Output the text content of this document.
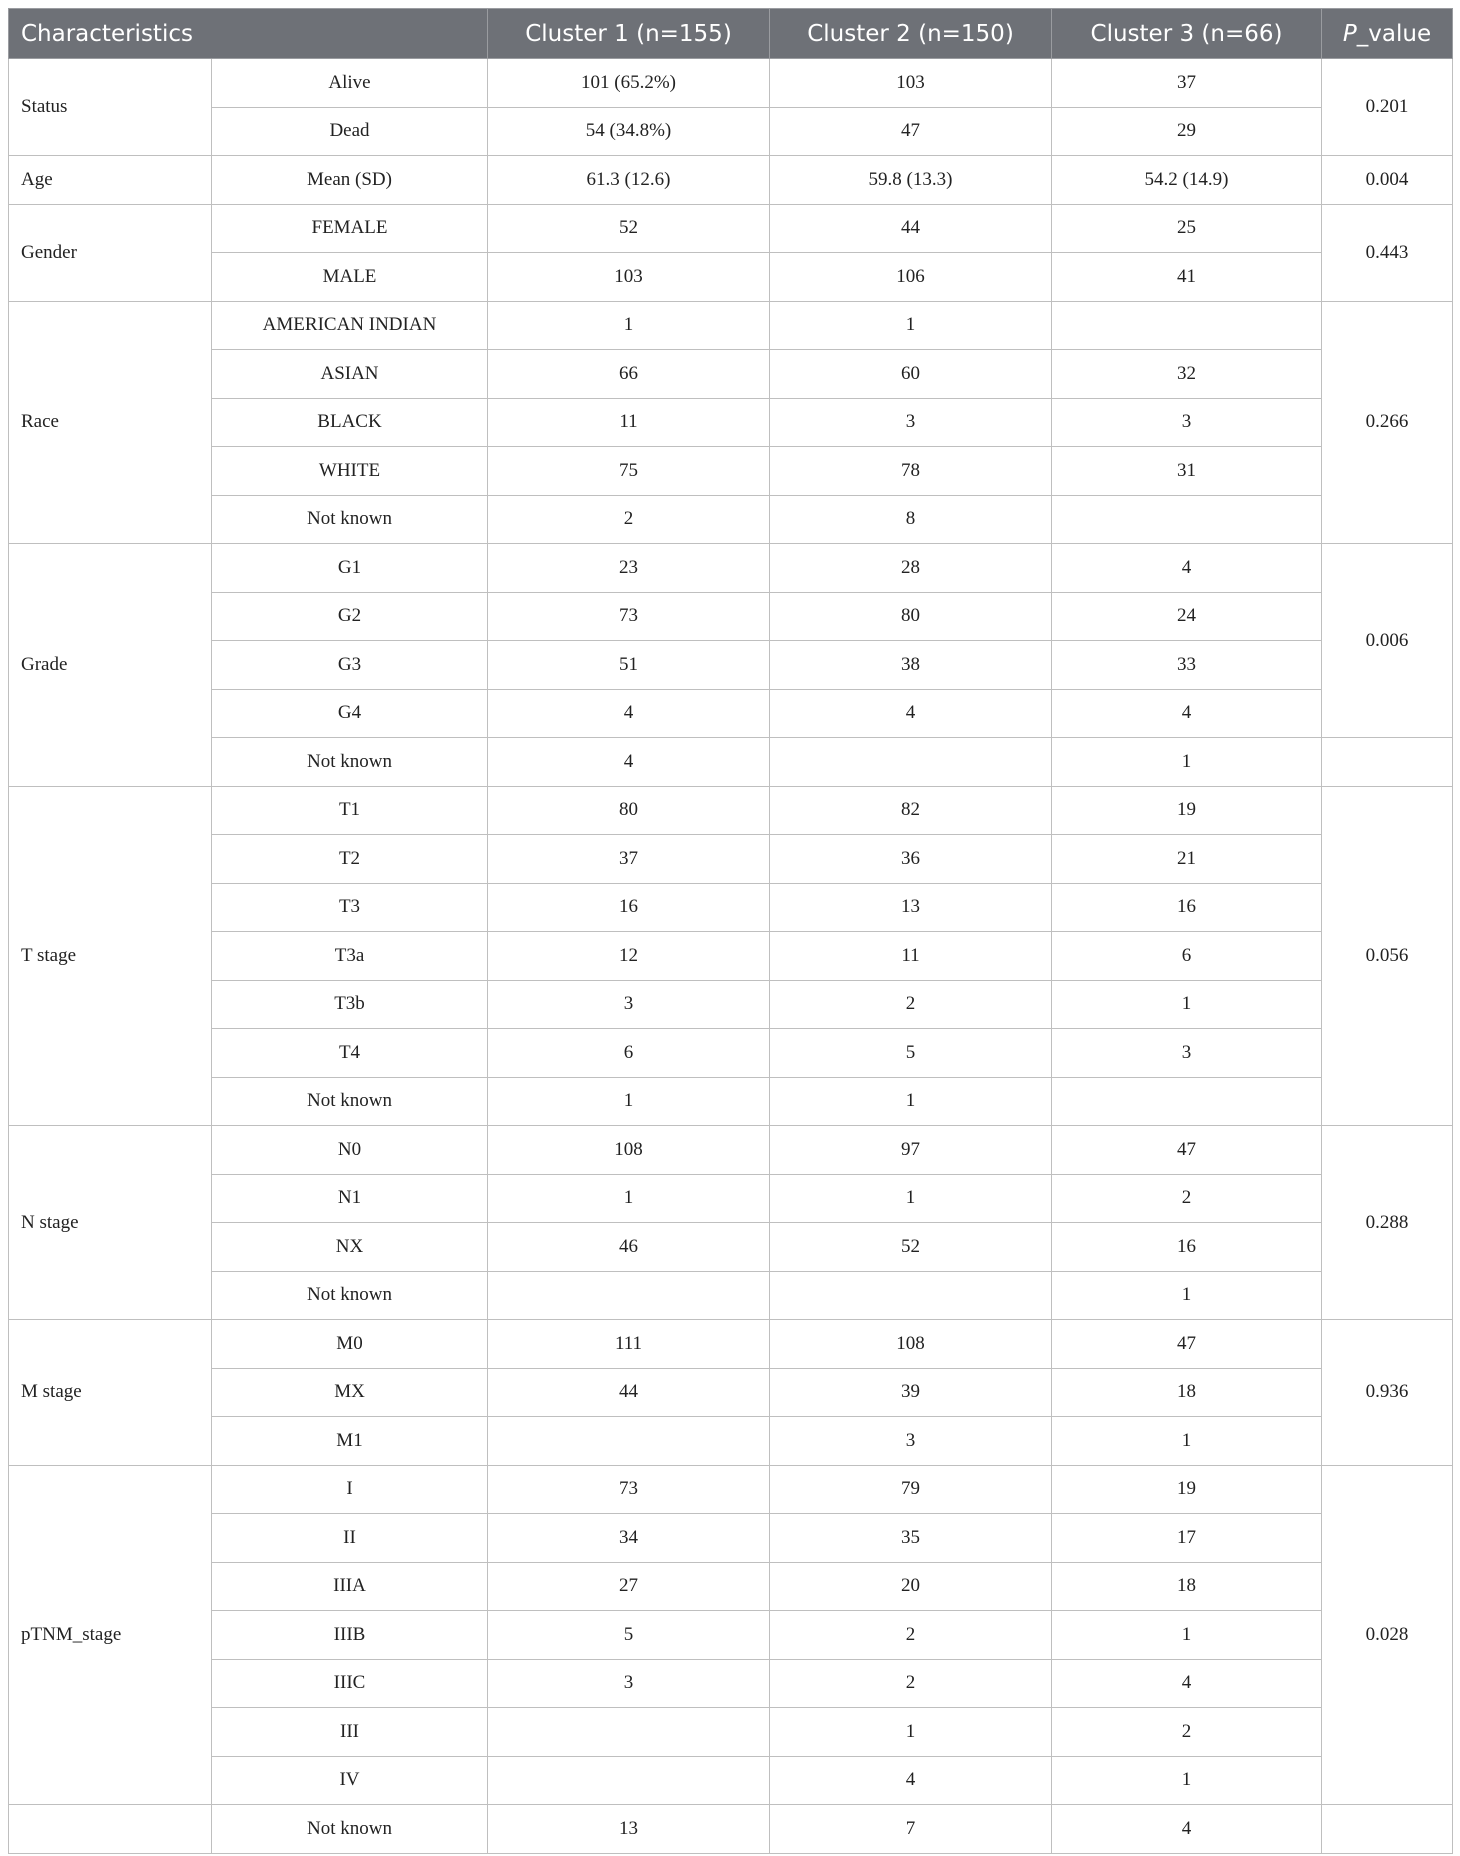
Characteristics		Cluster 1 (n=155)	Cluster 2 (n=150)	Cluster 3 (n=66)	P_value
Status	Alive	101 (65.2%)	103	37	0.201
	Dead	54 (34.8%)	47	29	
Age	Mean (SD)	61.3 (12.6)	59.8 (13.3)	54.2 (14.9)	0.004
Gender	FEMALE	52	44	25	0.443
	MALE	103	106	41	
Race	AMERICAN INDIAN	1	1		0.266
	ASIAN	66	60	32	
	BLACK	11	3	3	
	WHITE	75	78	31	
	Not known	2	8		
Grade	G1	23	28	4	0.006
	G2	73	80	24	
	G3	51	38	33	
	G4	4	4	4	
	Not known	4		1	
T stage	T1	80	82	19	0.056
	T2	37	36	21	
	T3	16	13	16	
	T3a	12	11	6	
	T3b	3	2	1	
	T4	6	5	3	
	Not known	1	1		
N stage	N0	108	97	47	0.288
	N1	1	1	2	
	NX	46	52	16	
	Not known			1	
M stage	M0	111	108	47	0.936
	MX	44	39	18	
	M1		3	1	
pTNM_stage	I	73	79	19	0.028
	II	34	35	17	
	IIIA	27	20	18	
	IIIB	5	2	1	
	IIIC	3	2	4	
	III		1	2	
	IV		4	1	
	Not known	13	7	4	
